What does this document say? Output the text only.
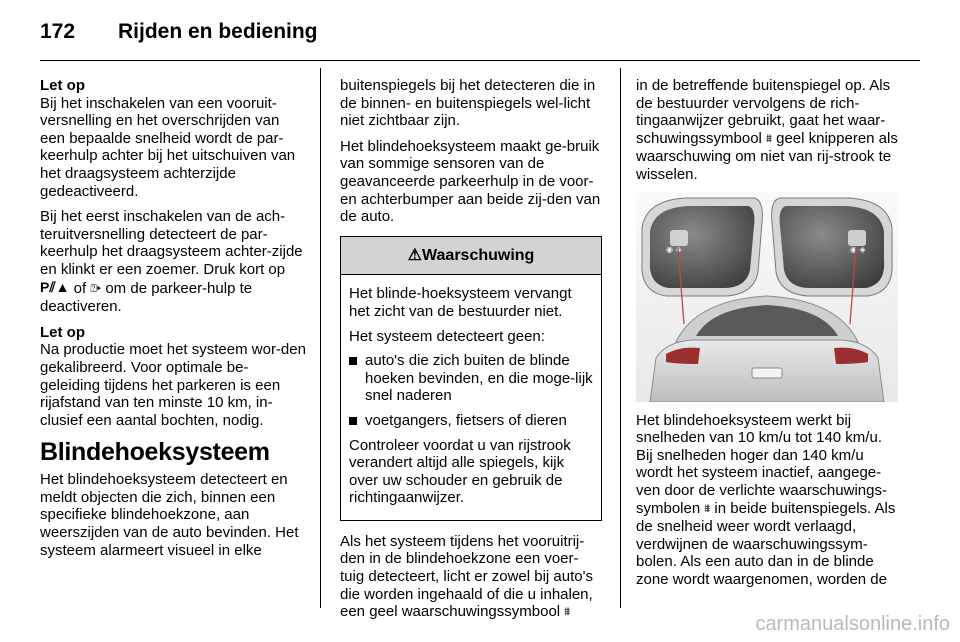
172 Rijden en bediening

Let op
Bij het inschakelen van een vooruit-versnelling en het overschrijden van een bepaalde snelheid wordt de par-keerhulp achter bij het uitschuiven van het draagsysteem achterzijde gedeactiveerd.

Bij het eerst inschakelen van de ach-teruitversnelling detecteert de par-keerhulp het draagsysteem achter-zijde en klinkt er een zoemer. Druk kort op P⫽▲ of ⍰▸ om de parkeer-hulp te deactiveren.

Let op
Na productie moet het systeem wor-den gekalibreerd. Voor optimale be-geleiding tijdens het parkeren is een rijafstand van ten minste 10 km, in-clusief een aantal bochten, nodig.

Blindehoeksysteem

Het blindehoeksysteem detecteert en meldt objecten die zich, binnen een specifieke blindehoekzone, aan weerszijden van de auto bevinden. Het systeem alarmeert visueel in elke

buitenspiegels bij het detecteren die in de binnen- en buitenspiegels wel-licht niet zichtbaar zijn.

Het blindehoeksysteem maakt ge-bruik van sommige sensoren van de geavanceerde parkeerhulp in de voor- en achterbumper aan beide zij-den van de auto.

⚠Waarschuwing

Het blinde-hoeksysteem vervangt het zicht van de bestuurder niet.

Het systeem detecteert geen:

auto's die zich buiten de blinde hoeken bevinden, en die moge-lijk snel naderen
voetgangers, fietsers of dieren

Controleer voordat u van rijstrook verandert altijd alle spiegels, kijk over uw schouder en gebruik de richtingaanwijzer.

Als het systeem tijdens het vooruitrij-den in de blindehoekzone een voer-tuig detecteert, licht er zowel bij auto's die worden ingehaald of die u inhalen, een geel waarschuwingssymbool ⩩

in de betreffende buitenspiegel op. Als de bestuurder vervolgens de rich-tingaanwijzer gebruikt, gaat het waar-schuwingssymbool ⩩ geel knipperen als waarschuwing om niet van rij-strook te wisselen.

◉ ◈	◉ ◈

Het blindehoeksysteem werkt bij snelheden van 10 km/u tot 140 km/u. Bij snelheden hoger dan 140 km/u wordt het systeem inactief, aangege-ven door de verlichte waarschuwings-symbolen ⩩ in beide buitenspiegels. Als de snelheid weer wordt verlaagd, verdwijnen de waarschuwingssym-bolen. Als een auto dan in de blinde zone wordt waargenomen, worden de

carmanualsonline.info
